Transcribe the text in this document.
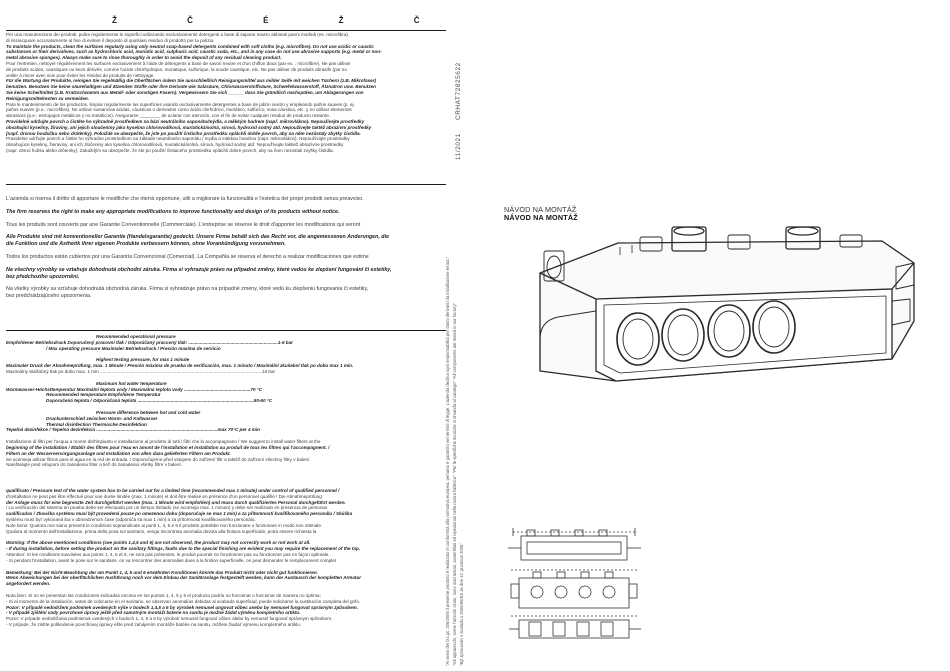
Ž Č É Ž Č
Per una manutenzione dei prodotti, pulire regolarmente le superfici utilizzando esclusivamente detergenti a base di sapone neutro abbinati panni morbidi (es. microfibra).
di risciacquare accuratamente al fine di evitare il deposito di qualsiasi residuo di prodotto per la pulizia.
To maintain the products, clean the surfaces regularly using only neutral soap-based detergents combined with soft cloths (e.g. microfibre). Do not use acidic or caustic
substances or their derivatives, such as hydrochloric acid, muriatic acid, sulphuric acid, caustic soda, etc., and in any case do not use abrasive supports (e.g. metal or non-
metal abrasive sponges). Always make sure to rinse thoroughly in order to avoid the deposit of any residual cleaning product.
Pour l'entretien, nettoyer régulièrement les surfaces exclusivement à l'aide de détergents à base de savon neutre et d'un chiffon doux (par ex. : microfibre). Ne pas utiliser
de produits acides, caustiques ou leurs dérivés, comme l'acide chlorhydrique, muriatique, sulfurique, la soude caustique, etc. Ne pas utiliser de produits abrasifs (par ex.
veiller à rincer avec soin pour éviter les résidus de produits de nettoyage.
Für die Wartung der Produkte, reinigen Sie regelmäßig die Oberflächen indem Sie ausschließlich Reinigungsmittel aus milder Seife mit weichen Tüchern (z.B. Mikrofaser)
benutzen. Benutzen Sie keine säurehaltigen und ätzenden Stoffe oder ihre Derivate wie Salzsäure, Chlorwasserstoffsäure, Schwefelwasserstoff, Ätznatron usw. Benutzen
Sie keine Scheifmittel (z.B. Kratzschwamm aus Metall- oder sonstigen Fasern). Vergewissern Sie sich ______ dass Sie gründlich nachspülen, um Ablagerungen von
Reinigungsmittelresten zu vermeiden.
Para le mantenimiento de los productos, limpiar regularmente las superficies usando exclusivamente detergentes a base de jabón neutro y empleando paños suaves (p. ej.
paños suaves (p.e.: microfibra). No utilizar sustancias ácidas, cáusticas o derivados como ácido clorhídrico, muriático, sulfúrico, sosa cáustica, etc. y no utilizar elementos
abrasivos (p.e.: estropajos metálicos y no metálicos). Asegurarse ________ de aclarar con atención, con el fin de evitar cualquier residuo de producto restante.
Pravidelně udržujte povrch a čistěte ho výhradně prostředkem na bázi neutrálního saponátu/mýdla, a měkkým hadrem (např. mikrovlákno). Nepoužívejte prostředky
obsahující kyseliny, žíraviny, ani jejich sloučeniny jako kyselina chlorovodíková, muriatická/solná, sírová, hydroxid sodný atd. Nepoužívejte taktéž abrazivní prostředky
(např. drsnou houbičku nebo drátěnky). Pokaždé se ubezpečte, že jste po použití čisticího prostředku opláchli dobře povrch, aby na něm nezůstaly zbytky čistidla.
Pravidelne udržujte povrch a čistite ho výhradne prostriedkom na základe neutrálneho saponátu / mydla a mäkkou handrou (napr. mikrovlákno). Nepoužívajte prostriedky
obsahujúce kyseliny, žieraviny, ani ich zlúčeniny ako kyselina chlorovodíková, muriatická/solná, sírová, hydroxid sodný atď. Nepoužívajte taktiež abrazívne prostriedky
(napr. drsnú hubku alebo drôtenky). Zakaždým sa ubezpečte, že ste po použití čistiaceho prostriedku opláchli dobre povrch, aby na ňom nezostali zvyšky čistidla.
L'azienda si riserva il diritto di apportare le modifiche che riterrà opportune, utili a migliorare la funzionalità e l'estetica dei propri prodotti senza preavviso.
The firm reserves the right to make any appropriate modifications to improve functionality and design of its products without notice.
Tous les produits sont couverts par une Garantie Conventionnelle (Commerciale). L'entreprise se réserve le droit d'apporter les modifications qui seront
Alle Produkte sind mit konventioneller Garantie (Handelsgarantie) gedeckt. Unsere Firma behält sich das Recht vor, die angemessenen Änderungen, die
die Funktion und die Ästhetik ihrer eigenen Produkte verbessern können, ohne Vorankündigung vorzunehmen.
Todos los productos están cubiertos por una Garantía Convencional (Comercial). La Compañía se reserva el derecho a realizar modificaciones que estime
Na všechny výrobky se vztahuje dohodnutá obchodní záruka. Firma si vyhrazuje právo na případné změny, které vedou ke zlepšení fungování či estetiky,
bez předchozího upozornění.
Na všetky výrobky sa vzťahuje dohodnutá obchodná záruka. Firma si vyhradzuje právo na prípadné zmeny, ktoré vedú ku zlepšeniu fungovania či estetiky,
bez predchádzajúceho upozornenia.
Recommended operational pressure
Empfohlener Betriebsdruck Doporučený pracovní tlak / Odporúčaný pracovný tlak: ......................................................................1-5 bar
/ Max operating pressure Maximaler Betriebsdruck / Presión maxima de servicio
Highest testing pressure, for max 1 minute
Maximaler Druck der Abnahmeprüfung, max. 1 Minute / Presión máxima de prueba de verificación, max. 1 minuto / Maximální zkušební tlak po dobu max 1 min.
Maximálny skúšobný tlak po dobu max. 1 min ...............................................................................................................................16 bar
Maximum hot water temperature
Warmwasser-Höchsttemperatur Maximální teplota vody / Maximálna teplota vody ....................................................70 °C
Recommended temperature Empfohlene Temperatur
Doporučená teplota / Odporúčaná teplota ...........................................................................................50-60 °C
Pressure difference between hot and cold water
Druckunterschied zwischen Warm- und Kaltwasser
Thermal disinfection Thermische Desinfektion
Tepelná dezinfekce / Tepelná dezinfekcia ...............................................................................................max 70°C per 4 min
Installazione di filtri per l'acqua a monte dell'impianto e installazione al prodotto di tutti i filtri che lo accompagnano / We suggest to install water filters at the
beginning of the installation / Établir des filtres pour l'eau en amont de l'installation et installation au produit de tous les filtres qui l'accompagnent. /
Filtern an der Wasserversorgungsanlage und Installation von allen dazu gelieferten Filtern am Produkt.
Se aconseja utilizar filtros para el agua en la red de entrada. / Doporučujeme před vstupem do zařízení filtr a taktéž do zařízení všechny filtry v balení.
Nainštalujte pred vstupom do zariadenia filter a tiež do zariadenia všetky filtre v balení.
qualificato / Pressure test of the water system has to be carried out for a limited time (recommended max 1 minute) under control of qualified personnel /
d'installation ne peut pas être effectué pour une durée limitée (max. 1 minute) et doit être réalisé en présence d'un personnel qualifié / Die Abnahmeprüfung
der Anlage muss für eine begrenzte Zeit durchgeführt werden (max. 1 Minute wird empfohlen) und muss durch qualifiziertes Personal durchgeführt werden.
/ La verificación del sistema en prueba debe ser efectuado por un tiempo limitado (se aconseja max. 1 minuto) y debe ser realizado en presencia de personas
cualificadas / Zkouška systému musí být provedená pouze po omezenou dobu (doporučuje se max 1 min) a za přítomnosti kvalifikovaného personálu / Skúška
systému musí byť vykonaná iba v obmedzenom čase (odporúča sa max 1 min) a za prítomnosti kvalifikovaného personálu.
Note bene: Qualora non siano presenti le condizioni sopraindicate ai punti 1, 4, 5 e 6 il prodotto potrebbe non funzionare o funzionare in modo non ottimale.
Qualora al momento dell'installazione, prima della posa sul sanitario, venga riscontrata anomalia dovuta alla finitura superficiale, potrà essere richiesta la
Warning: If the above mentioned conditions (see points 1,4,5 and 6) are not observed, the product may not correctly work or not work at all.
- If during installation, before setting the product on the sanitary fittings, faults due to the special finishing are evident you may require the replacement of the tap.
Attention: Si les conditions susvisées aux points 1, 4, 5 et 6, ne sont pas présentes, le produit pourrait ne fonctionner pas ou fonctionner pas en façon optimale.
- Si pendant l'installation, avant le pose sur le sanitaire, on va rencontrer des anomalies dues à la finition superficielle, on peut demander le remplacement complet
Bemerkung: Bei der Nicht-Beachtung der am Punkt 1, 4, 5 und 6 erwähnten Konditionen könnte das Produkt nicht oder nicht gut funktionieren.
Wenn Abweichungen bei der oberflächlichen Ausführung noch vor dem Einbau der Sanitäranlage festgestellt werden, kann der Austausch der kompletten Armatur
angefordert werden.
Nota bien: Si no se presentan las condiciones indicadas encima en los puntos 1, 4, 5 y 6 el producto podría no funcionar o funcionar de manera no óptima;
- Si al momento de la instalación, antes de colocarse en el sanitario, se observan anomalías debidas al acabado superficial, puede solicitarse la sustitución completa del grifo.
Pozor: V případě nedodržení podmínek uvedených výše v bodech 1,4,5 a 6 by výrobek nemusel ungovat vůbec anebo by nemusel fungovat správným způsobem.
- V případě zjištění vady povrchové úpravy ještě před samotným montáží baterie na sanitu je možné žádat výměnu kompletního artiklu.
Pozor: V prípade nedodržania podmienok uvedených v bodoch 1, 4, 5 a 6 by výrobok nemusel fungovať vôbec alebo by nemusel fungovať správnym spôsobom.
- V prípade, že zistíte poškodenie povrchovej úpravy ešte pred zahájením montáže batérie na sanitu, môžete žiadať výmenu kompletného artiklu.	"Ai sensi del D.Lgs. 206/2005 il presente prodotto è realizzato in conformità alla normativa europea, pertanto è garantito nei termini di legge. L'azienda declina ogni responsabilità per danni derivanti da installazione errata." "Gli apparecchi, come l'articolo citato, sono stati testati, assemblati ed ispezionati nella nostra fabbrica". "Per le specifiche tecniche si rimanda al catalogo" "All components are tested in our factory" "Byl zpracován v souladu s 2006/95/ES ze dne 12. prosince 2006"
11/2021
CRHAT72825622
NÁVOD NA MONTÁŽ
NÁVOD NA MONTÁŽ
